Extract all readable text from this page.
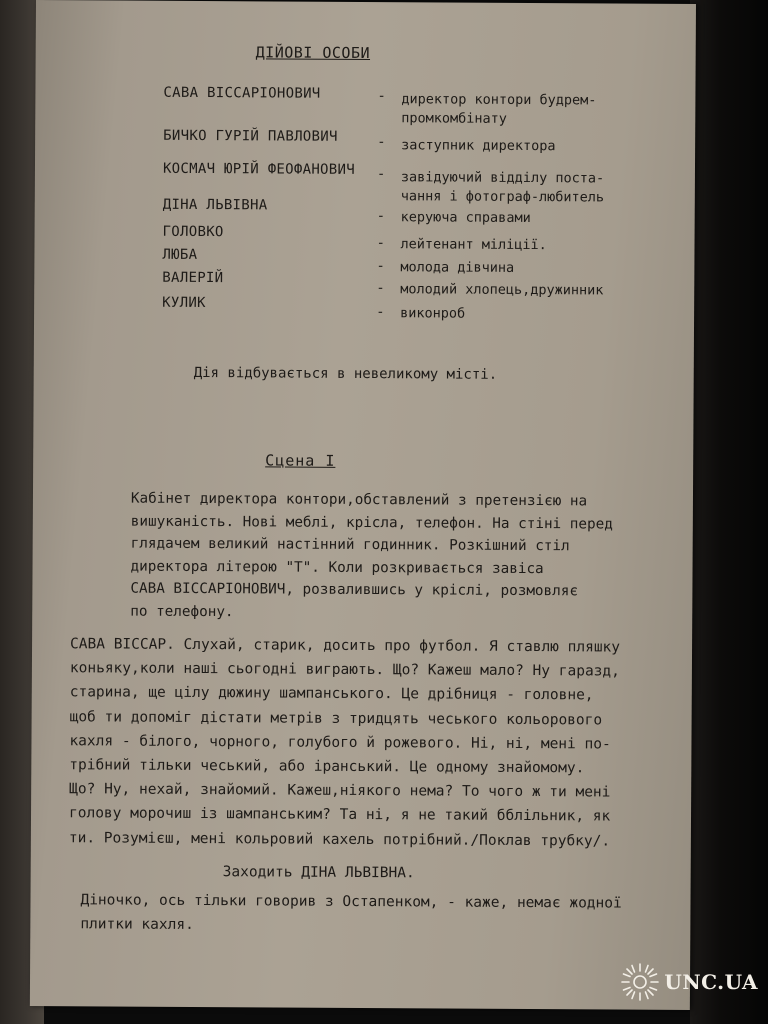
ДІЙОВІ ОСОБИ
САВА ВІССАРІОНОВИЧ	- директор контори будрем-
промкомбінату
БИЧКО ГУРІЙ ПАВЛОВИЧ	- заступник директора
КОСМАЧ ЮРІЙ ФЕОФАНОВИЧ - завідуючий відділу поста-
чання і фотограф-любитель
ДІНА ЛЬВІВНА
- керуюча справами
ГОЛОВКО
- лейтенант міліції.
ЛЮБА
- молода дівчина
ВАЛЕРІЙ
- молодий хлопець,дружинник
КУЛИК
- виконроб
Дія відбувається в невеликому місті.
Сцена І
Кабінет директора контори,обставлений з претензією на
вишуканість. Нові меблі, крісла, телефон. На стіні перед
глядачем великий настінний годинник. Розкішний стіл
директора літерою "Т". Коли розкривається завіса
САВА ВІССАРІОНОВИЧ, розвалившись у кріслі, розмовляє
по телефону.
САВА ВІССАР. Слухай, старик, досить про футбол. Я ставлю пляшку
коньяку,коли наші сьогодні виграють. Що? Кажеш мало? Ну гаразд,
старина, ще цілу дюжину шампанського. Це дрібниця - головне,
щоб ти допоміг дістати метрів з тридцять чеського кольорового
кахля - білого, чорного, голубого й рожевого. Ні, ні, мені по-
трібний тільки чеський, або іранський. Це одному знайомому.
Що? Ну, нехай, знайомий. Кажеш,ніякого нема? То чого ж ти мені
голову морочиш із шампанським? Та ні, я не такий бблільник, як
ти. Розумієш, мені кольровий кахель потрібний./Поклав трубку/.
Заходить ДІНА ЛЬВІВНА.
Діночко, ось тільки говорив з Остапенком, - каже, немає жодної
плитки кахля.
UNC.UA
